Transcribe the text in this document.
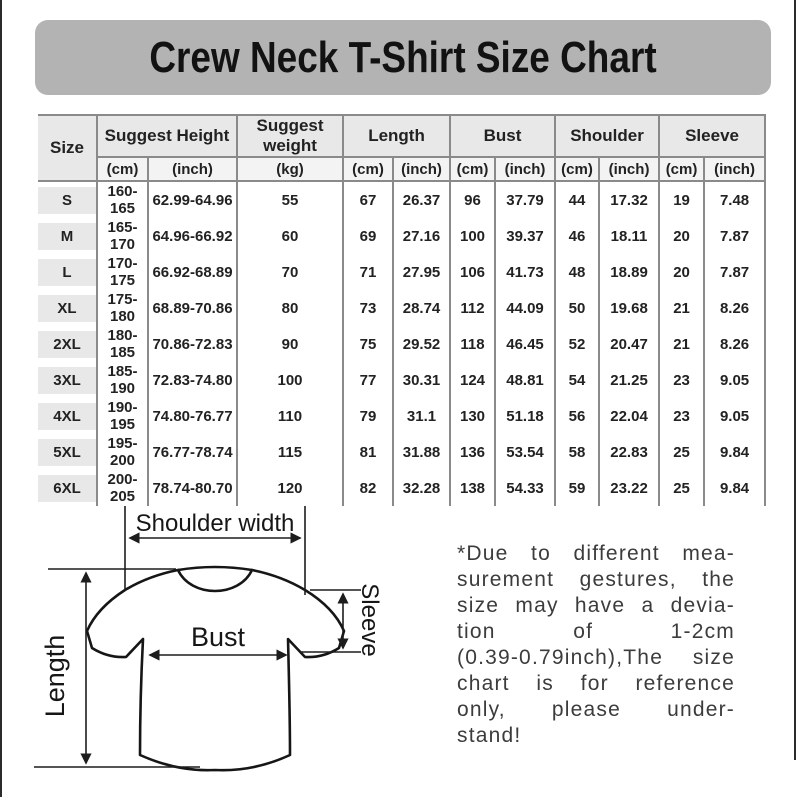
Crew Neck T-Shirt Size Chart
Size	Suggest Height		Suggest weight	Length		Bust		Shoulder		Sleeve	
	(cm)	(inch)	(kg)	(cm)	(inch)	(cm)	(inch)	(cm)	(inch)	(cm)	(inch)

S	160-165	62.99-64.96	55	67	26.37	96	37.79	44	17.32	19	7.48

M	165-170	64.96-66.92	60	69	27.16	100	39.37	46	18.11	20	7.87

L	170-175	66.92-68.89	70	71	27.95	106	41.73	48	18.89	20	7.87

XL	175-180	68.89-70.86	80	73	28.74	112	44.09	50	19.68	21	8.26

2XL	180-185	70.86-72.83	90	75	29.52	118	46.45	52	20.47	21	8.26

3XL	185-190	72.83-74.80	100	77	30.31	124	48.81	54	21.25	23	9.05

4XL	190-195	74.80-76.77	110	79	31.1	130	51.18	56	22.04	23	9.05

5XL	195-200	76.77-78.74	115	81	31.88	136	53.54	58	22.83	25	9.84

6XL	200-205	78.74-80.70	120	82	32.28	138	54.33	59	23.22	25	9.84
Shoulder width
Bust
Length
Sleeve
*Due to different mea-
surement gestures, the
size may have a devia-
tion of 1-2cm
(0.39-0.79inch),The size
chart is for reference
only, please under-
stand!
